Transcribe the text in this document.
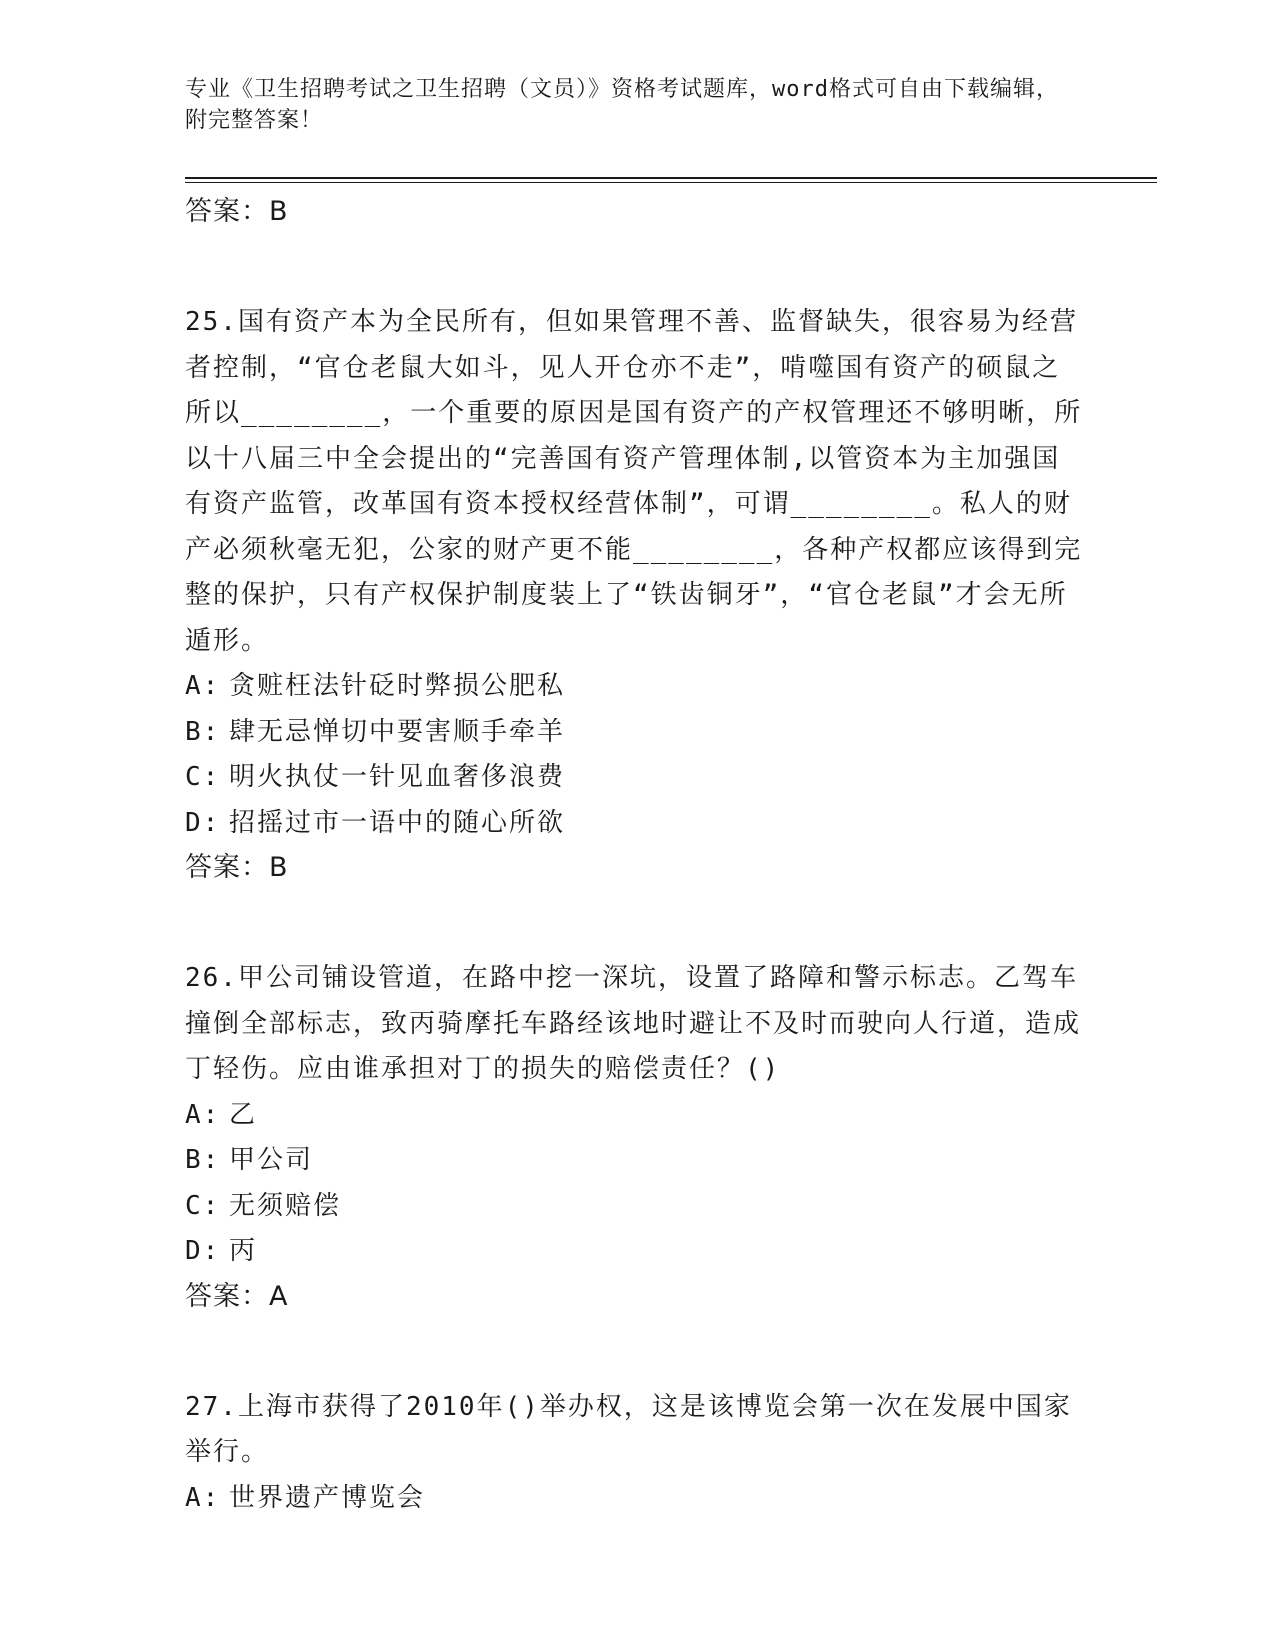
专业《卫生招聘考试之卫生招聘（文员）》资格考试题库，word格式可自由下载编辑，附完整答案！
答案：B
25.国有资产本为全民所有，但如果管理不善、监督缺失，很容易为经营者控制，“官仓老鼠大如斗，见人开仓亦不走”，啃噬国有资产的硕鼠之所以________，一个重要的原因是国有资产的产权管理还不够明晰，所以十八届三中全会提出的“完善国有资产管理体制,以管资本为主加强国有资产监管，改革国有资本授权经营体制”，可谓________。私人的财产必须秋毫无犯，公家的财产更不能________，各种产权都应该得到完整的保护，只有产权保护制度装上了“铁齿铜牙”，“官仓老鼠”才会无所遁形。
A: 贪赃枉法针砭时弊损公肥私
B: 肆无忌惮切中要害顺手牵羊
C: 明火执仗一针见血奢侈浪费
D: 招摇过市一语中的随心所欲
答案：B
26.甲公司铺设管道，在路中挖一深坑，设置了路障和警示标志。乙驾车撞倒全部标志，致丙骑摩托车路经该地时避让不及时而驶向人行道，造成丁轻伤。应由谁承担对丁的损失的赔偿责任？()
A: 乙
B: 甲公司
C: 无须赔偿
D: 丙
答案：A
27.上海市获得了2010年()举办权，这是该博览会第一次在发展中国家举行。
A: 世界遗产博览会
